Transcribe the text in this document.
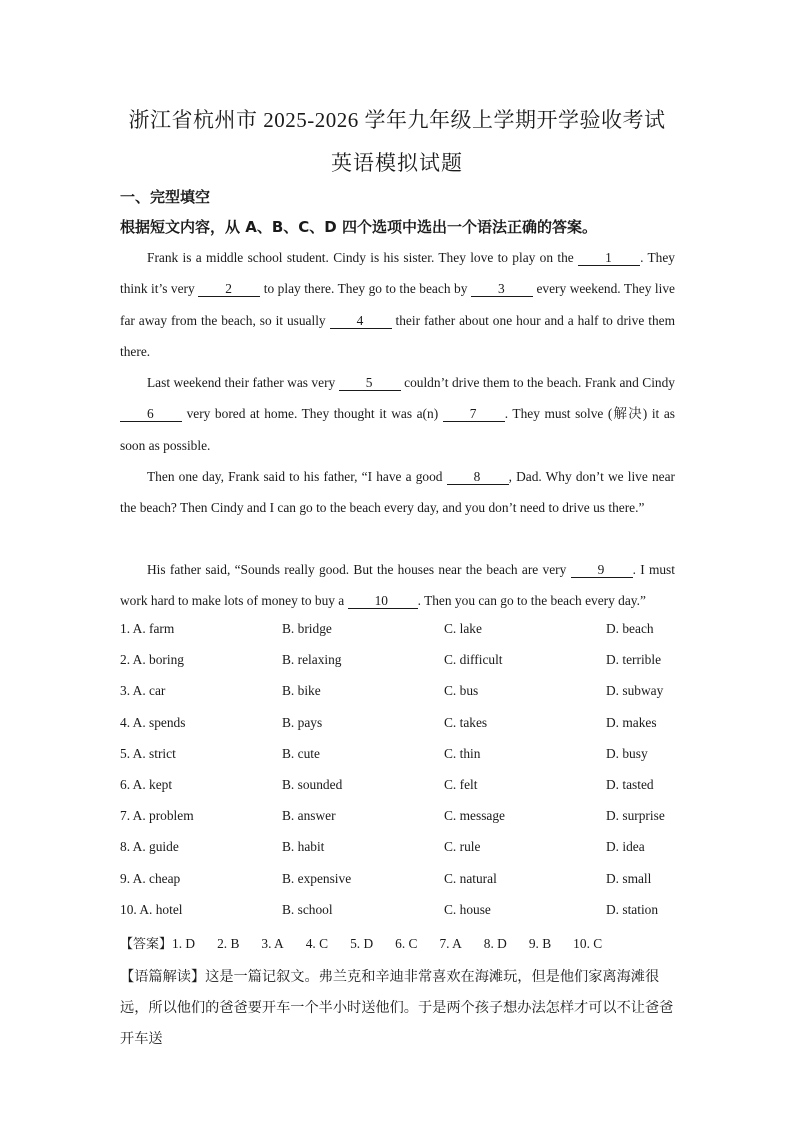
浙江省杭州市 2025-2026 学年九年级上学期开学验收考试
英语模拟试题
一、完型填空
根据短文内容，从 A、B、C、D 四个选项中选出一个语法正确的答案。
Frank is a middle school student. Cindy is his sister. They love to play on the 1 . They think it’s very 2 to play there. They go to the beach by 3 every weekend. They live far away from the beach, so it usually 4 their father about one hour and a half to drive them there.
Last weekend their father was very 5 couldn’t drive them to the beach. Frank and Cindy 6 very bored at home. They thought it was a(n) 7 . They must solve (解决) it as soon as possible.
Then one day, Frank said to his father, “I have a good 8 , Dad. Why don’t we live near the beach? Then Cindy and I can go to the beach every day, and you don’t need to drive us there.”
His father said, “Sounds really good. But the houses near the beach are very 9 . I must work hard to make lots of money to buy a 10 . Then you can go to the beach every day.”
1. A. farm	B. bridge	C. lake	D. beach
2. A. boring	B. relaxing	C. difficult	D. terrible
3. A. car	B. bike	C. bus	D. subway
4. A. spends	B. pays	C. takes	D. makes
5. A. strict	B. cute	C. thin	D. busy
6. A. kept	B. sounded	C. felt	D. tasted
7. A. problem	B. answer	C. message	D. surprise
8. A. guide	B. habit	C. rule	D. idea
9. A. cheap	B. expensive	C. natural	D. small
10. A. hotel	B. school	C. house	D. station
【答案】1. D 2. B 3. A 4. C 5. D 6. C 7. A 8. D 9. B 10. C
【语篇解读】这是一篇记叙文。弗兰克和辛迪非常喜欢在海滩玩，但是他们家离海滩很远，所以他们的爸爸要开车一个半小时送他们。于是两个孩子想办法怎样才可以不让爸爸开车送
